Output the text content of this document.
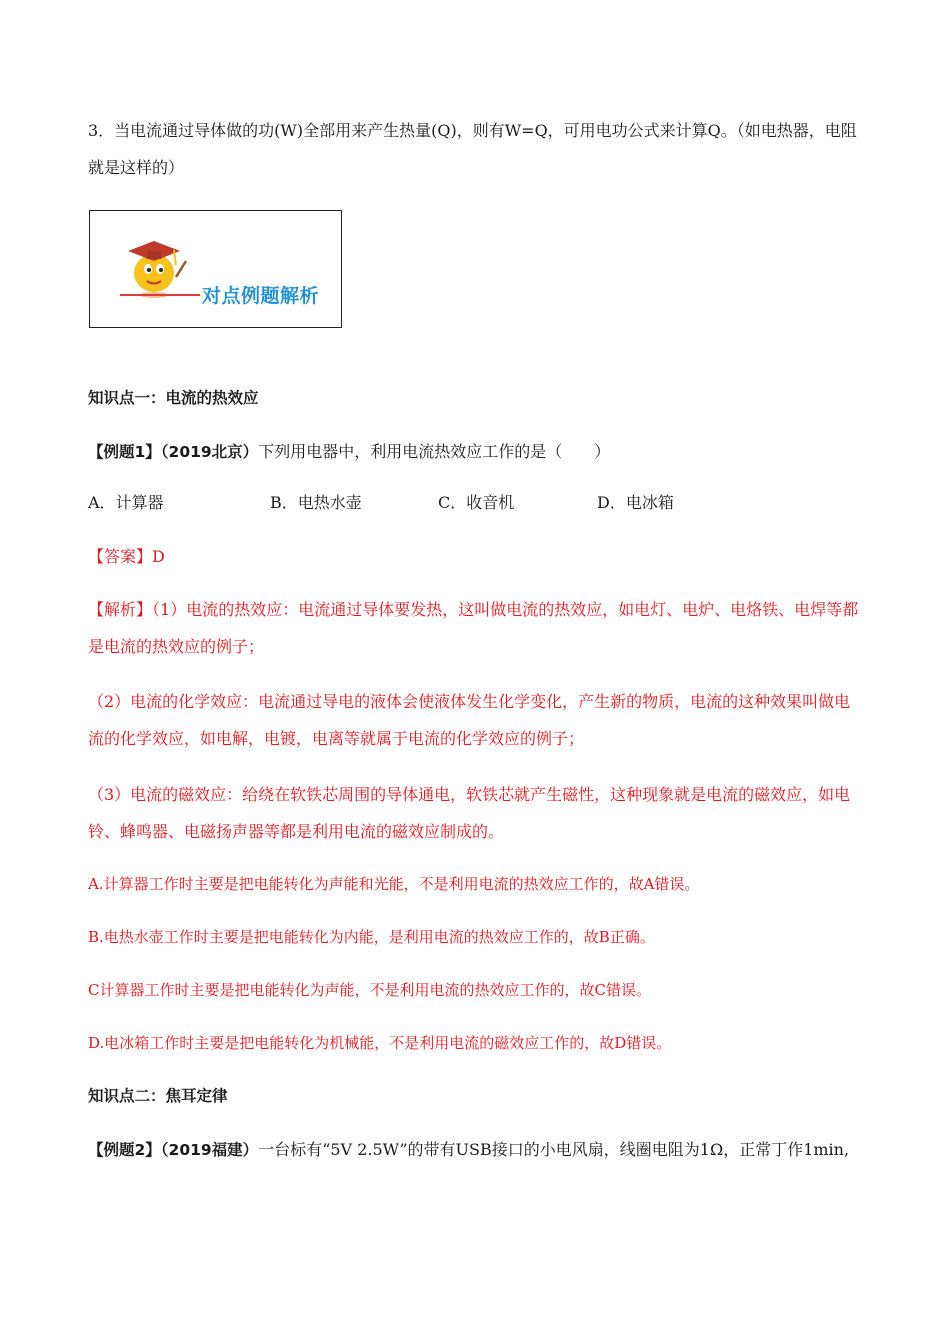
3．当电流通过导体做的功(W)全部用来产生热量(Q)，则有W=Q，可用电功公式来计算Q。（如电热器，电阻就是这样的）

对点例题解析

知识点一：电流的热效应

【例题1】（2019北京）下列用电器中，利用电流热效应工作的是（　　）

A．计算器	B．电热水壶	C．收音机	D．电冰箱

【答案】D

【解析】（1）电流的热效应：电流通过导体要发热，这叫做电流的热效应，如电灯、电炉、电烙铁、电焊等都是电流的热效应的例子；

（2）电流的化学效应：电流通过导电的液体会使液体发生化学变化，产生新的物质，电流的这种效果叫做电流的化学效应，如电解，电镀，电离等就属于电流的化学效应的例子；

（3）电流的磁效应：给绕在软铁芯周围的导体通电，软铁芯就产生磁性，这种现象就是电流的磁效应，如电铃、蜂鸣器、电磁扬声器等都是利用电流的磁效应制成的。

A.计算器工作时主要是把电能转化为声能和光能，不是利用电流的热效应工作的，故A错误。

B.电热水壶工作时主要是把电能转化为内能，是利用电流的热效应工作的，故B正确。

C计算器工作时主要是把电能转化为声能，不是利用电流的热效应工作的，故C错误。

D.电冰箱工作时主要是把电能转化为机械能，不是利用电流的磁效应工作的，故D错误。

知识点二：焦耳定律

【例题2】（2019福建）一台标有“5V 2.5W”的带有USB接口的小电风扇，线圈电阻为1Ω，正常丁作1min,
